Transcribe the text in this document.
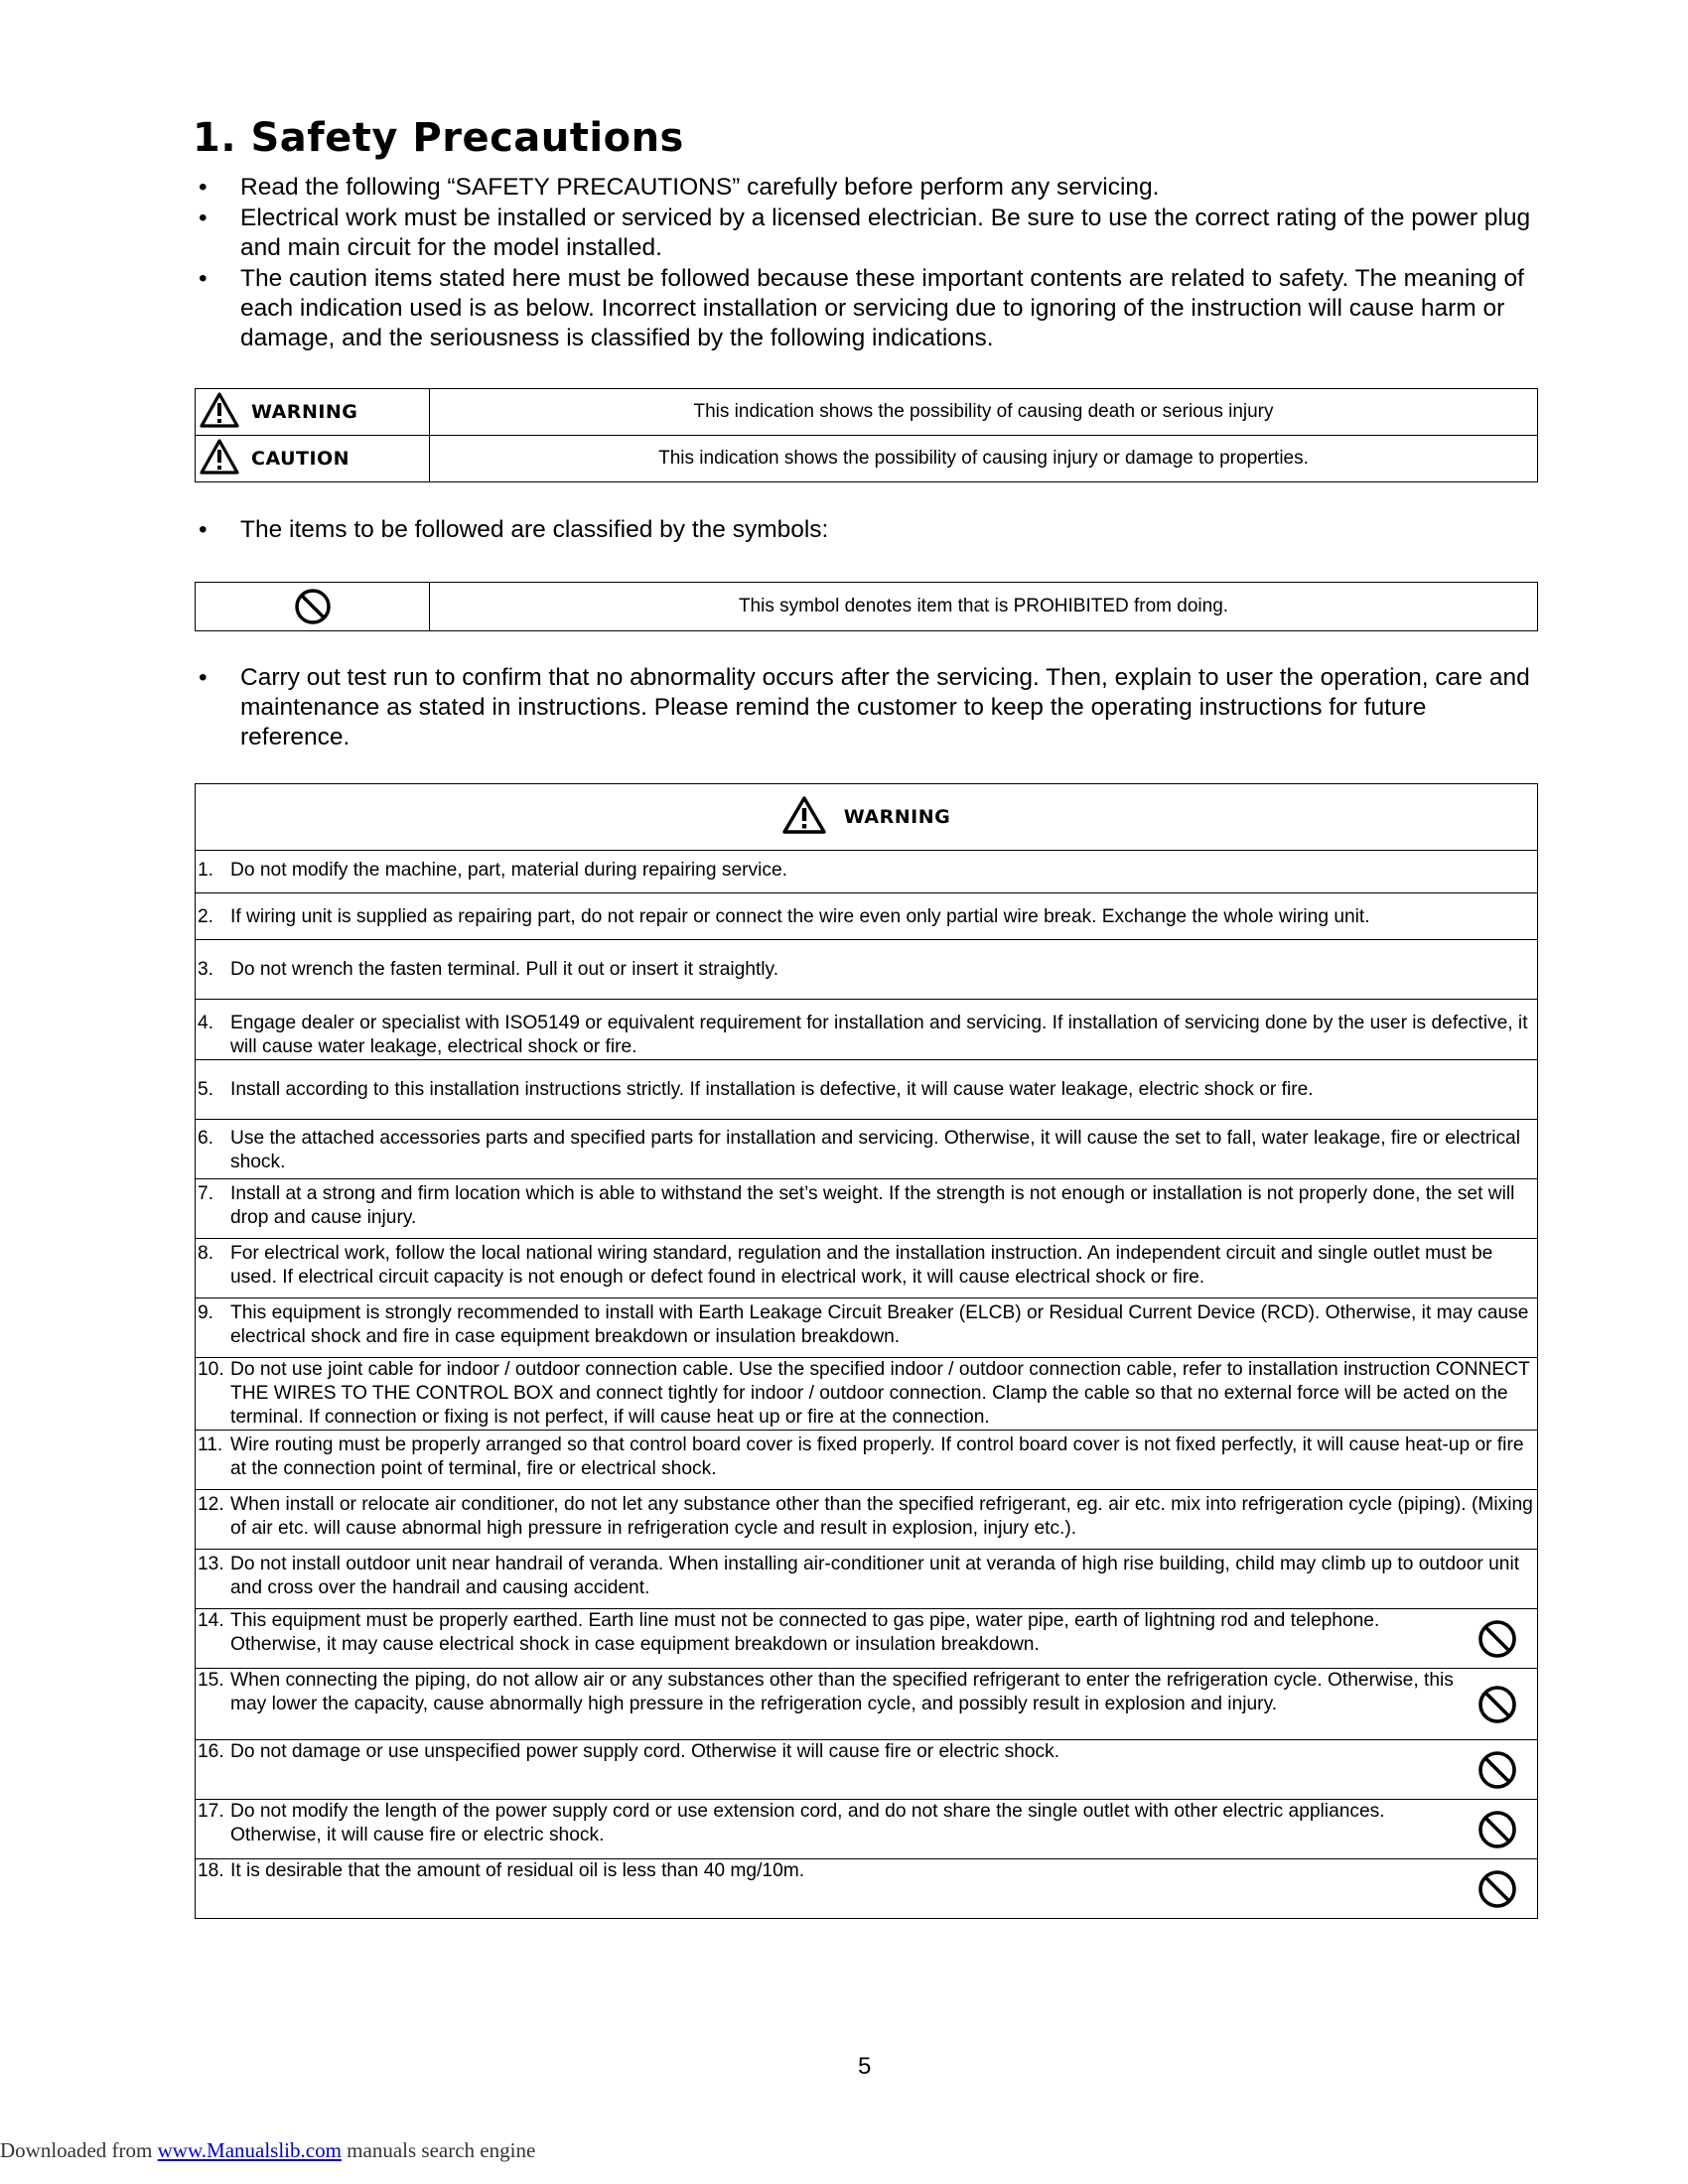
1. Safety Precautions
• Read the following “SAFETY PRECAUTIONS” carefully before perform any servicing.
• Electrical work must be installed or serviced by a licensed electrician. Be sure to use the correct rating of the power plug and main circuit for the model installed.
• The caution items stated here must be followed because these important contents are related to safety. The meaning of each indication used is as below. Incorrect installation or servicing due to ignoring of the instruction will cause harm or damage, and the seriousness is classified by the following indications.
WARNING	This indication shows the possibility of causing death or serious injury

CAUTION	This indication shows the possibility of causing injury or damage to properties.
• The items to be followed are classified by the symbols:
	This symbol denotes item that is PROHIBITED from doing.
• Carry out test run to confirm that no abnormality occurs after the servicing. Then, explain to user the operation, care and maintenance as stated in instructions. Please remind the customer to keep the operating instructions for future reference.
WARNING

1. Do not modify the machine, part, material during repairing service.

2. If wiring unit is supplied as repairing part, do not repair or connect the wire even only partial wire break. Exchange the whole wiring unit.

3. Do not wrench the fasten terminal. Pull it out or insert it straightly.

4. Engage dealer or specialist with ISO5149 or equivalent requirement for installation and servicing. If installation of servicing done by the user is defective, it will cause water leakage, electrical shock or fire.

5. Install according to this installation instructions strictly. If installation is defective, it will cause water leakage, electric shock or fire.

6. Use the attached accessories parts and specified parts for installation and servicing. Otherwise, it will cause the set to fall, water leakage, fire or electrical shock.

7. Install at a strong and firm location which is able to withstand the set’s weight. If the strength is not enough or installation is not properly done, the set will drop and cause injury.

8. For electrical work, follow the local national wiring standard, regulation and the installation instruction. An independent circuit and single outlet must be used. If electrical circuit capacity is not enough or defect found in electrical work, it will cause electrical shock or fire.

9. This equipment is strongly recommended to install with Earth Leakage Circuit Breaker (ELCB) or Residual Current Device (RCD). Otherwise, it may cause electrical shock and fire in case equipment breakdown or insulation breakdown.

10. Do not use joint cable for indoor / outdoor connection cable. Use the specified indoor / outdoor connection cable, refer to installation instruction CONNECT THE WIRES TO THE CONTROL BOX and connect tightly for indoor / outdoor connection. Clamp the cable so that no external force will be acted on the terminal. If connection or fixing is not perfect, if will cause heat up or fire at the connection.

11. Wire routing must be properly arranged so that control board cover is fixed properly. If control board cover is not fixed perfectly, it will cause heat-up or fire at the connection point of terminal, fire or electrical shock.

12. When install or relocate air conditioner, do not let any substance other than the specified refrigerant, eg. air etc. mix into refrigeration cycle (piping). (Mixing of air etc. will cause abnormal high pressure in refrigeration cycle and result in explosion, injury etc.).

13. Do not install outdoor unit near handrail of veranda. When installing air-conditioner unit at veranda of high rise building, child may climb up to outdoor unit and cross over the handrail and causing accident.

14. This equipment must be properly earthed. Earth line must not be connected to gas pipe, water pipe, earth of lightning rod and telephone. Otherwise, it may cause electrical shock in case equipment breakdown or insulation breakdown.

15. When connecting the piping, do not allow air or any substances other than the specified refrigerant to enter the refrigeration cycle. Otherwise, this may lower the capacity, cause abnormally high pressure in the refrigeration cycle, and possibly result in explosion and injury.

16. Do not damage or use unspecified power supply cord. Otherwise it will cause fire or electric shock.

17. Do not modify the length of the power supply cord or use extension cord, and do not share the single outlet with other electric appliances. Otherwise, it will cause fire or electric shock.

18. It is desirable that the amount of residual oil is less than 40 mg/10m.
5
Downloaded from www.Manualslib.com manuals search engine
